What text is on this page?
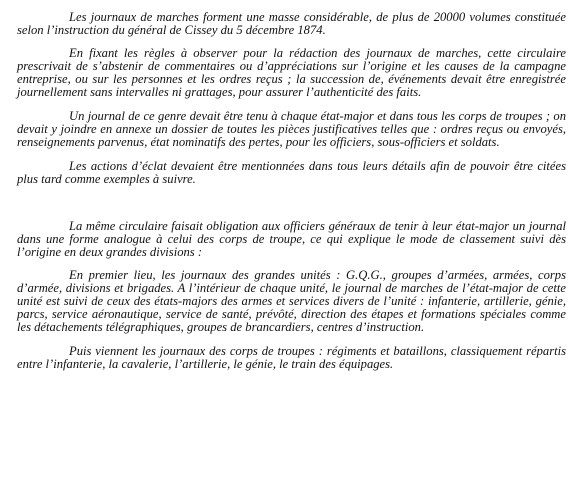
Les journaux de marches forment une masse considérable, de plus de 20000 volumes constituée selon l’instruction du général de Cissey du 5 décembre 1874.

En fixant les règles à observer pour la rédaction des journaux de marches, cette circulaire prescrivait de s’abstenir de commentaires ou d’appréciations sur l’origine et les causes de la campagne entreprise, ou sur les personnes et les ordres reçus ; la succession de, événements devait être enregistrée journellement sans intervalles ni grattages, pour assurer l’authenticité des faits.

Un journal de ce genre devait être tenu à chaque état-major et dans tous les corps de troupes ; on devait y joindre en annexe un dossier de toutes les pièces justificatives telles que : ordres reçus ou envoyés, renseignements parvenus, état nominatifs des pertes, pour les officiers, sous-officiers et soldats.

Les actions d’éclat devaient être mentionnées dans tous leurs détails afin de pouvoir être citées plus tard comme exemples à suivre.

La même circulaire faisait obligation aux officiers généraux de tenir à leur état-major un journal dans une forme analogue à celui des corps de troupe, ce qui explique le mode de classement suivi dès l’origine en deux grandes divisions :

En premier lieu, les journaux des grandes unités : G.Q.G., groupes d’armées, armées, corps d’armée, divisions et brigades. A l’intérieur de chaque unité, le journal de marches de l’état-major de cette unité est suivi de ceux des états-majors des armes et services divers de l’unité : infanterie, artillerie, génie, parcs, service aéronautique, service de santé, prévôté, direction des étapes et formations spéciales comme les détachements télégraphiques, groupes de brancardiers, centres d’instruction.

Puis viennent les journaux des corps de troupes : régiments et bataillons, classiquement répartis entre l’infanterie, la cavalerie, l’artillerie, le génie, le train des équipages.
